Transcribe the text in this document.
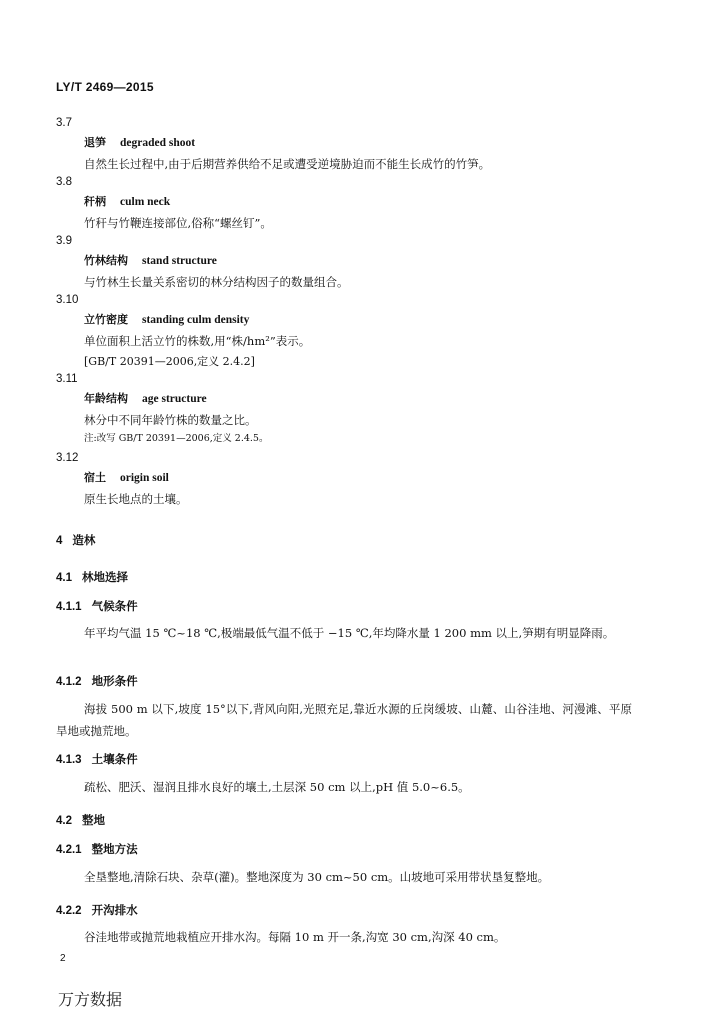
LY/T 2469—2015
3.7
退笋 degraded shoot
自然生长过程中,由于后期营养供给不足或遭受逆境胁迫而不能生长成竹的竹笋。
3.8
秆柄 culm neck
竹秆与竹鞭连接部位,俗称“螺丝钉”。
3.9
竹林结构 stand structure
与竹林生长量关系密切的林分结构因子的数量组合。
3.10
立竹密度 standing culm density
单位面积上活立竹的株数,用“株/hm²”表示。
[GB/T 20391—2006,定义 2.4.2]
3.11
年龄结构 age structure
林分中不同年龄竹株的数量之比。
注:改写 GB/T 20391—2006,定义 2.4.5。
3.12
宿土 origin soil
原生长地点的土壤。
4 造林
4.1 林地选择
4.1.1 气候条件
年平均气温 15 ℃~18 ℃,极端最低气温不低于 −15 ℃,年均降水量 1 200 mm 以上,笋期有明显降雨。
4.1.2 地形条件
海拔 500 m 以下,坡度 15°以下,背风向阳,光照充足,靠近水源的丘岗缓坡、山麓、山谷洼地、河漫滩、平原旱地或抛荒地。
4.1.3 土壤条件
疏松、肥沃、湿润且排水良好的壤土,土层深 50 cm 以上,pH 值 5.0~6.5。
4.2 整地
4.2.1 整地方法
全垦整地,清除石块、杂草(灌)。整地深度为 30 cm~50 cm。山坡地可采用带状垦复整地。
4.2.2 开沟排水
谷洼地带或抛荒地栽植应开排水沟。每隔 10 m 开一条,沟宽 30 cm,沟深 40 cm。
2
万方数据
